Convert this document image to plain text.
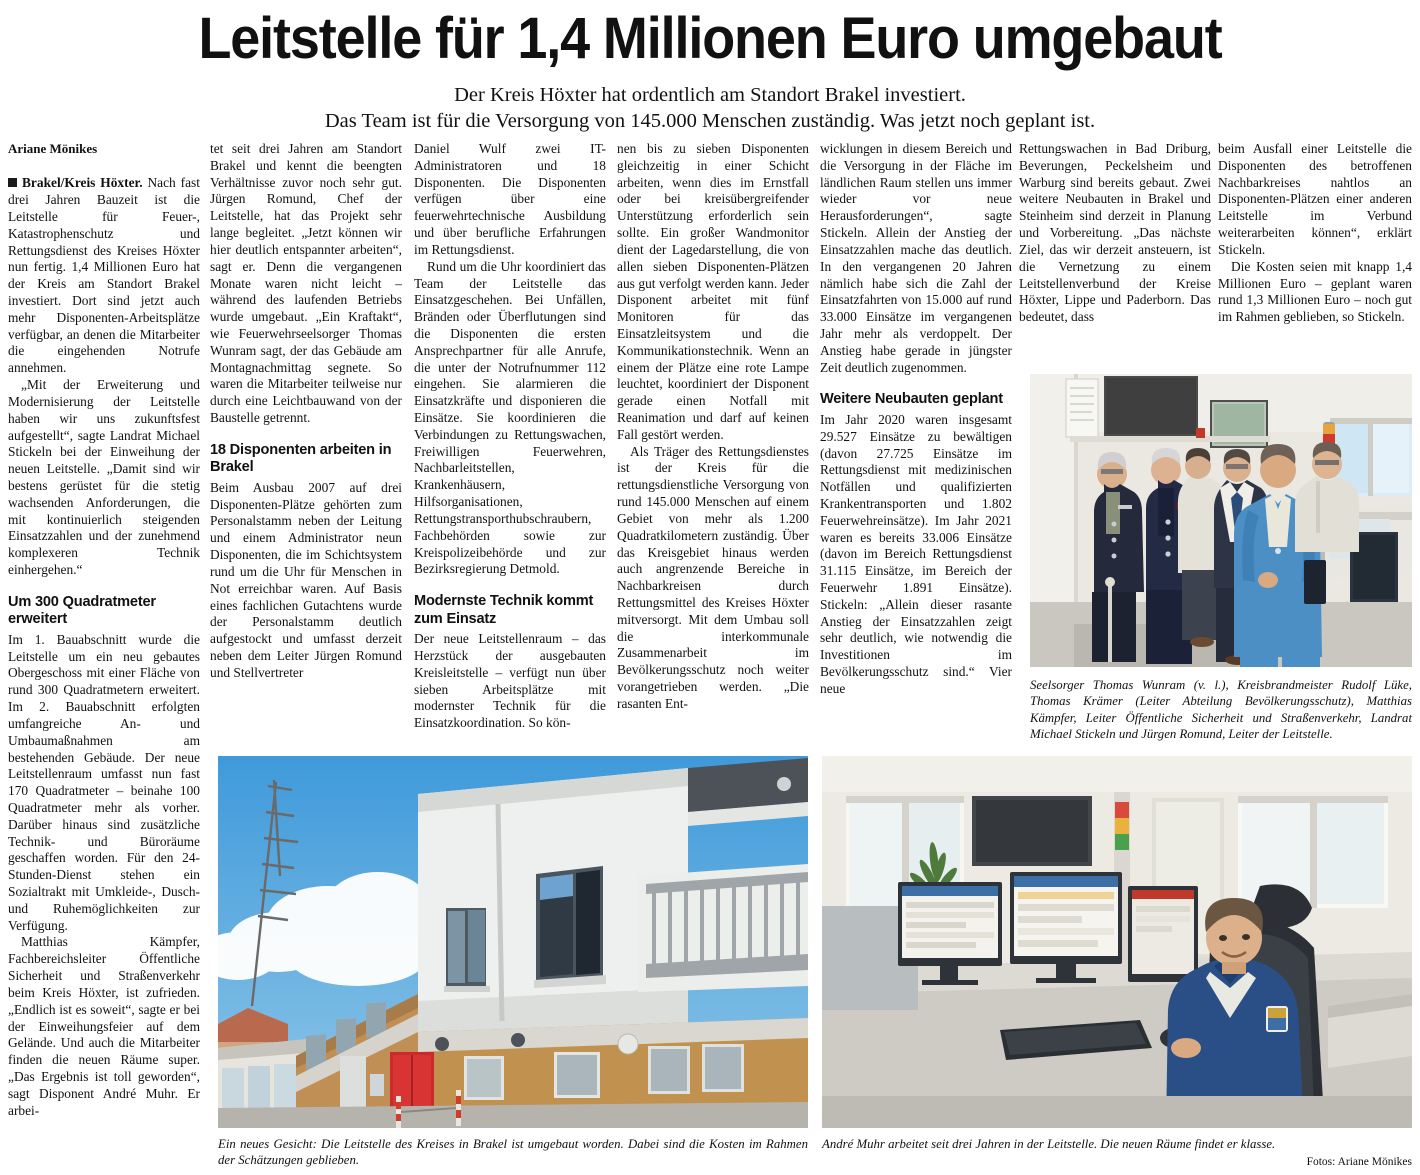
Leitstelle für 1,4 Millionen Euro umgebaut
Der Kreis Höxter hat ordentlich am Standort Brakel investiert.
Das Team ist für die Versorgung von 145.000 Menschen zuständig. Was jetzt noch geplant ist.
Ariane Mönikes

Brakel/Kreis Höxter. Nach fast drei Jahren Bauzeit ist die Leitstelle für Feuer-, Katastrophenschutz und Rettungsdienst des Kreises Höxter nun fertig. 1,4 Millionen Euro hat der Kreis am Standort Brakel investiert. Dort sind jetzt auch mehr Disponenten-Arbeitsplätze verfügbar, an denen die Mitarbeiter die eingehenden Notrufe annehmen.

„Mit der Erweiterung und Modernisierung der Leitstelle haben wir uns zukunftsfest aufgestellt“, sagte Landrat Michael Stickeln bei der Einweihung der neuen Leitstelle. „Damit sind wir bestens gerüstet für die stetig wachsenden Anforderungen, die mit kontinuierlich steigenden Einsatzzahlen und der zunehmend komplexeren Technik einhergehen.“

Um 300 Quadratmeter erweitert

Im 1. Bauabschnitt wurde die Leitstelle um ein neu gebautes Obergeschoss mit einer Fläche von rund 300 Quadratmetern erweitert. Im 2. Bauabschnitt erfolgten umfangreiche An- und Umbaumaßnahmen am bestehenden Gebäude. Der neue Leitstellenraum umfasst nun fast 170 Quadratmeter – beinahe 100 Quadratmeter mehr als vorher. Darüber hinaus sind zusätzliche Technik- und Büroräume geschaffen worden. Für den 24-Stunden-Dienst stehen ein Sozialtrakt mit Umkleide-, Dusch- und Ruhemöglichkeiten zur Verfügung.

Matthias Kämpfer, Fachbereichsleiter Öffentliche Sicherheit und Straßenverkehr beim Kreis Höxter, ist zufrieden. „Endlich ist es soweit“, sagte er bei der Einweihungsfeier auf dem Gelände. Und auch die Mitarbeiter finden die neuen Räume super. „Das Ergebnis ist toll geworden“, sagt Disponent André Muhr. Er arbei-

tet seit drei Jahren am Standort Brakel und kennt die beengten Verhältnisse zuvor noch sehr gut. Jürgen Romund, Chef der Leitstelle, hat das Projekt sehr lange begleitet. „Jetzt können wir hier deutlich entspannter arbeiten“, sagt er. Denn die vergangenen Monate waren nicht leicht – während des laufenden Betriebs wurde umgebaut. „Ein Kraftakt“, wie Feuerwehrseelsorger Thomas Wunram sagt, der das Gebäude am Montagnachmittag segnete. So waren die Mitarbeiter teilweise nur durch eine Leichtbauwand von der Baustelle getrennt.

18 Disponenten arbeiten in Brakel

Beim Ausbau 2007 auf drei Disponenten-Plätze gehörten zum Personalstamm neben der Leitung und einem Administrator neun Disponenten, die im Schichtsystem rund um die Uhr für Menschen in Not erreichbar waren. Auf Basis eines fachlichen Gutachtens wurde der Personalstamm deutlich aufgestockt und umfasst derzeit neben dem Leiter Jürgen Romund und Stellvertreter

Daniel Wulf zwei IT-Administratoren und 18 Disponenten. Die Disponenten verfügen über eine feuerwehrtechnische Ausbildung und über berufliche Erfahrungen im Rettungsdienst.

Rund um die Uhr koordiniert das Team der Leitstelle das Einsatzgeschehen. Bei Unfällen, Bränden oder Überflutungen sind die Disponenten die ersten Ansprechpartner für alle Anrufe, die unter der Notrufnummer 112 eingehen. Sie alarmieren die Einsatzkräfte und disponieren die Einsätze. Sie koordinieren die Verbindungen zu Rettungswachen, Freiwilligen Feuerwehren, Nachbarleitstellen, Krankenhäusern, Hilfsorganisationen, Rettungstransporthubschraubern, Fachbehörden sowie zur Kreispolizeibehörde und zur Bezirksregierung Detmold.

Modernste Technik kommt zum Einsatz

Der neue Leitstellenraum – das Herzstück der ausgebauten Kreisleitstelle – verfügt nun über sieben Arbeitsplätze mit modernster Technik für die Einsatzkoordination. So kön-

nen bis zu sieben Disponenten gleichzeitig in einer Schicht arbeiten, wenn dies im Ernstfall oder bei kreisübergreifender Unterstützung erforderlich sein sollte. Ein großer Wandmonitor dient der Lagedarstellung, die von allen sieben Disponenten-Plätzen aus gut verfolgt werden kann. Jeder Disponent arbeitet mit fünf Monitoren für das Einsatzleitsystem und die Kommunikationstechnik. Wenn an einem der Plätze eine rote Lampe leuchtet, koordiniert der Disponent gerade einen Notfall mit Reanimation und darf auf keinen Fall gestört werden.

Als Träger des Rettungsdienstes ist der Kreis für die rettungsdienstliche Versorgung von rund 145.000 Menschen auf einem Gebiet von mehr als 1.200 Quadratkilometern zuständig. Über das Kreisgebiet hinaus werden auch angrenzende Bereiche in Nachbarkreisen durch Rettungsmittel des Kreises Höxter mitversorgt. Mit dem Umbau soll die interkommunale Zusammenarbeit im Bevölkerungsschutz noch weiter vorangetrieben werden. „Die rasanten Ent-

wicklungen in diesem Bereich und die Versorgung in der Fläche im ländlichen Raum stellen uns immer wieder vor neue Herausforderungen“, sagte Stickeln. Allein der Anstieg der Einsatzzahlen mache das deutlich. In den vergangenen 20 Jahren nämlich habe sich die Zahl der Einsatzfahrten von 15.000 auf rund 33.000 Einsätze im vergangenen Jahr mehr als verdoppelt. Der Anstieg habe gerade in jüngster Zeit deutlich zugenommen.

Weitere Neubauten geplant

Im Jahr 2020 waren insgesamt 29.527 Einsätze zu bewältigen (davon 27.725 Einsätze im Rettungsdienst mit medizinischen Notfällen und qualifizierten Krankentransporten und 1.802 Feuerwehreinsätze). Im Jahr 2021 waren es bereits 33.006 Einsätze (davon im Bereich Rettungsdienst 31.115 Einsätze, im Bereich der Feuerwehr 1.891 Einsätze). Stickeln: „Allein dieser rasante Anstieg der Einsatzzahlen zeigt sehr deutlich, wie notwendig die Investitionen im Bevölkerungsschutz sind.“ Vier neue

Rettungswachen in Bad Driburg, Beverungen, Peckelsheim und Warburg sind bereits gebaut. Zwei weitere Neubauten in Brakel und Steinheim sind derzeit in Planung und Vorbereitung. „Das nächste Ziel, das wir derzeit ansteuern, ist die Vernetzung zu einem Leitstellenverbund der Kreise Höxter, Lippe und Paderborn. Das bedeutet, dass

beim Ausfall einer Leitstelle die Disponenten des betroffenen Nachbarkreises nahtlos an Disponenten-Plätzen einer anderen Leitstelle im Verbund weiterarbeiten können“, erklärt Stickeln.

Die Kosten seien mit knapp 1,4 Millionen Euro – geplant waren rund 1,3 Millionen Euro – noch gut im Rahmen geblieben, so Stickeln.

Seelsorger Thomas Wunram (v. l.), Kreisbrandmeister Rudolf Lüke, Thomas Krämer (Leiter Abteilung Bevölkerungsschutz), Matthias Kämpfer, Leiter Öffentliche Sicherheit und Straßenverkehr, Landrat Michael Stickeln und Jürgen Romund, Leiter der Leitstelle.
Ein neues Gesicht: Die Leitstelle des Kreises in Brakel ist umgebaut worden. Dabei sind die Kosten im Rahmen der Schätzungen geblieben.
André Muhr arbeitet seit drei Jahren in der Leitstelle. Die neuen Räume findet er klasse.
Fotos: Ariane Mönikes
